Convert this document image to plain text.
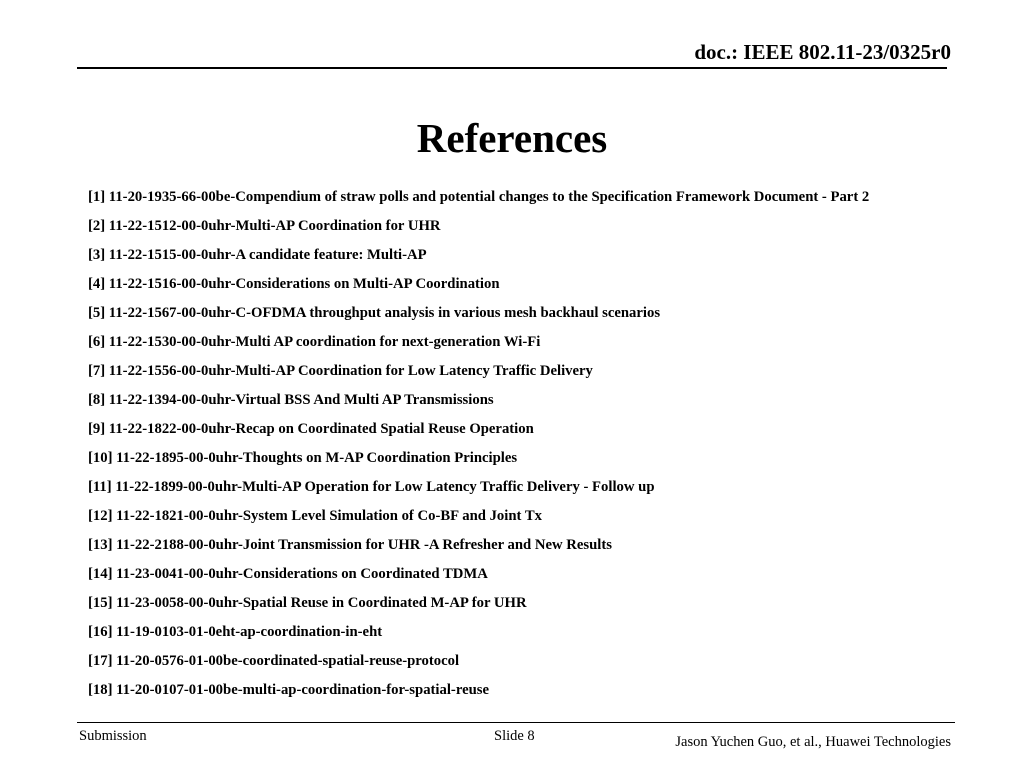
doc.: IEEE 802.11-23/0325r0
References
[1] 11-20-1935-66-00be-Compendium of straw polls and potential changes to the Specification Framework Document - Part 2
[2] 11-22-1512-00-0uhr-Multi-AP Coordination for UHR
[3] 11-22-1515-00-0uhr-A candidate feature: Multi-AP
[4] 11-22-1516-00-0uhr-Considerations on Multi-AP Coordination
[5] 11-22-1567-00-0uhr-C-OFDMA throughput analysis in various mesh backhaul scenarios
[6] 11-22-1530-00-0uhr-Multi AP coordination for next-generation Wi-Fi
[7] 11-22-1556-00-0uhr-Multi-AP Coordination for Low Latency Traffic Delivery
[8] 11-22-1394-00-0uhr-Virtual BSS And Multi AP Transmissions
[9] 11-22-1822-00-0uhr-Recap on Coordinated Spatial Reuse Operation
[10] 11-22-1895-00-0uhr-Thoughts on M-AP Coordination Principles
[11] 11-22-1899-00-0uhr-Multi-AP Operation for Low Latency Traffic Delivery - Follow up
[12] 11-22-1821-00-0uhr-System Level Simulation of Co-BF and Joint Tx
[13] 11-22-2188-00-0uhr-Joint Transmission for UHR -A Refresher and New Results
[14] 11-23-0041-00-0uhr-Considerations on Coordinated TDMA
[15] 11-23-0058-00-0uhr-Spatial Reuse in Coordinated M-AP for UHR
[16] 11-19-0103-01-0eht-ap-coordination-in-eht
[17] 11-20-0576-01-00be-coordinated-spatial-reuse-protocol
[18] 11-20-0107-01-00be-multi-ap-coordination-for-spatial-reuse
Submission	Slide 8	Jason Yuchen Guo, et al., Huawei Technologies
